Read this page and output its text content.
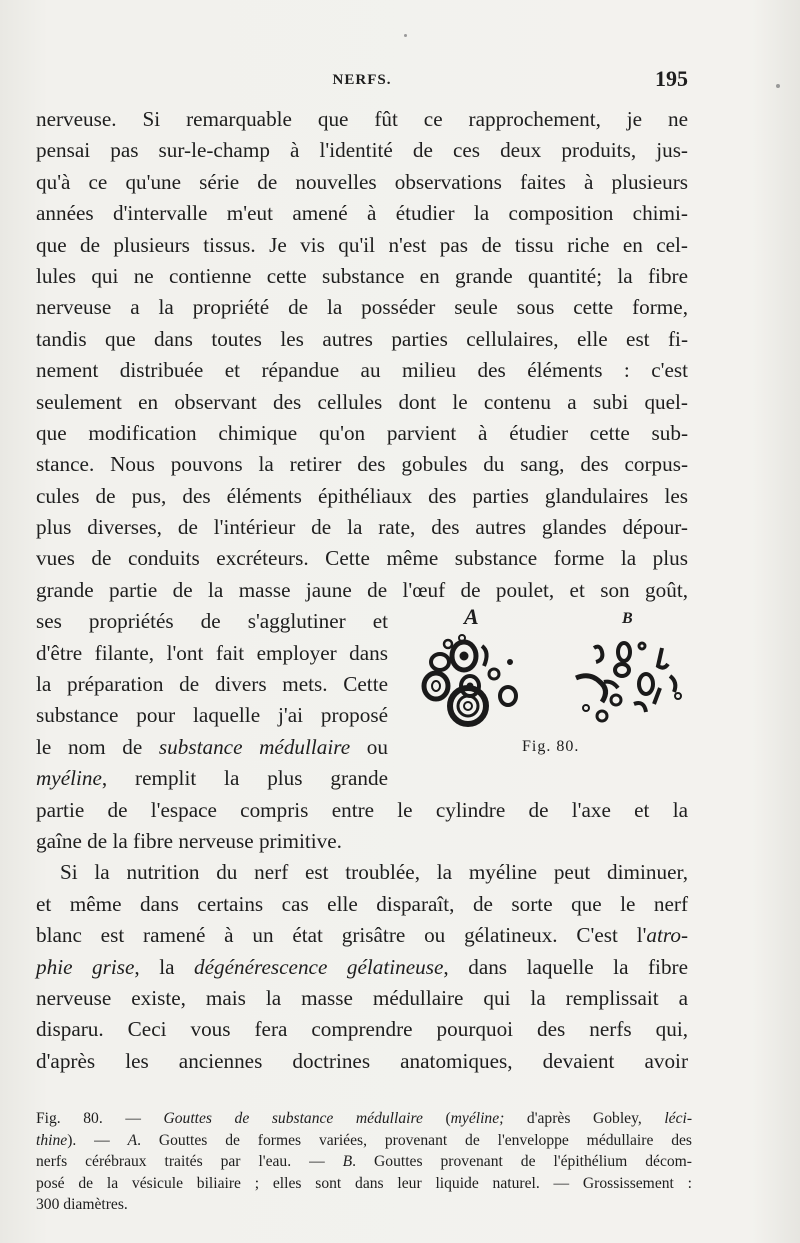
NERFS.	195
nerveuse. Si remarquable que fût ce rapprochement, je ne
pensai pas sur-le-champ à l'identité de ces deux produits, jus-
qu'à ce qu'une série de nouvelles observations faites à plusieurs
années d'intervalle m'eut amené à étudier la composition chimi-
que de plusieurs tissus. Je vis qu'il n'est pas de tissu riche en cel-
lules qui ne contienne cette substance en grande quantité; la fibre
nerveuse a la propriété de la posséder seule sous cette forme,
tandis que dans toutes les autres parties cellulaires, elle est fi-
nement distribuée et répandue au milieu des éléments : c'est
seulement en observant des cellules dont le contenu a subi quel-
que modification chimique qu'on parvient à étudier cette sub-
stance. Nous pouvons la retirer des gobules du sang, des corpus-
cules de pus, des éléments épithéliaux des parties glandulaires les
plus diverses, de l'intérieur de la rate, des autres glandes dépour-
vues de conduits excréteurs. Cette même substance forme la plus
grande partie de la masse jaune de l'œuf de poulet, et son goût,
ses propriétés de s'agglutiner et
d'être filante, l'ont fait employer dans
la préparation de divers mets. Cette
substance pour laquelle j'ai proposé
le nom de substance médullaire ou
myéline, remplit la plus grande
partie de l'espace compris entre le cylindre de l'axe et la
gaîne de la fibre nerveuse primitive.
Si la nutrition du nerf est troublée, la myéline peut diminuer,
et même dans certains cas elle disparaît, de sorte que le nerf
blanc est ramené à un état grisâtre ou gélatineux. C'est l'atro-
phie grise, la dégénérescence gélatineuse, dans laquelle la fibre
nerveuse existe, mais la masse médullaire qui la remplissait a
disparu. Ceci vous fera comprendre pourquoi des nerfs qui,
d'après les anciennes doctrines anatomiques, devaient avoir
A	B
Fig. 80.
Fig. 80. — Gouttes de substance médullaire (myéline; d'après Gobley, léci-
thine). — A. Gouttes de formes variées, provenant de l'enveloppe médullaire des
nerfs cérébraux traités par l'eau. — B. Gouttes provenant de l'épithélium décom-
posé de la vésicule biliaire ; elles sont dans leur liquide naturel. — Grossissement :
300 diamètres.
